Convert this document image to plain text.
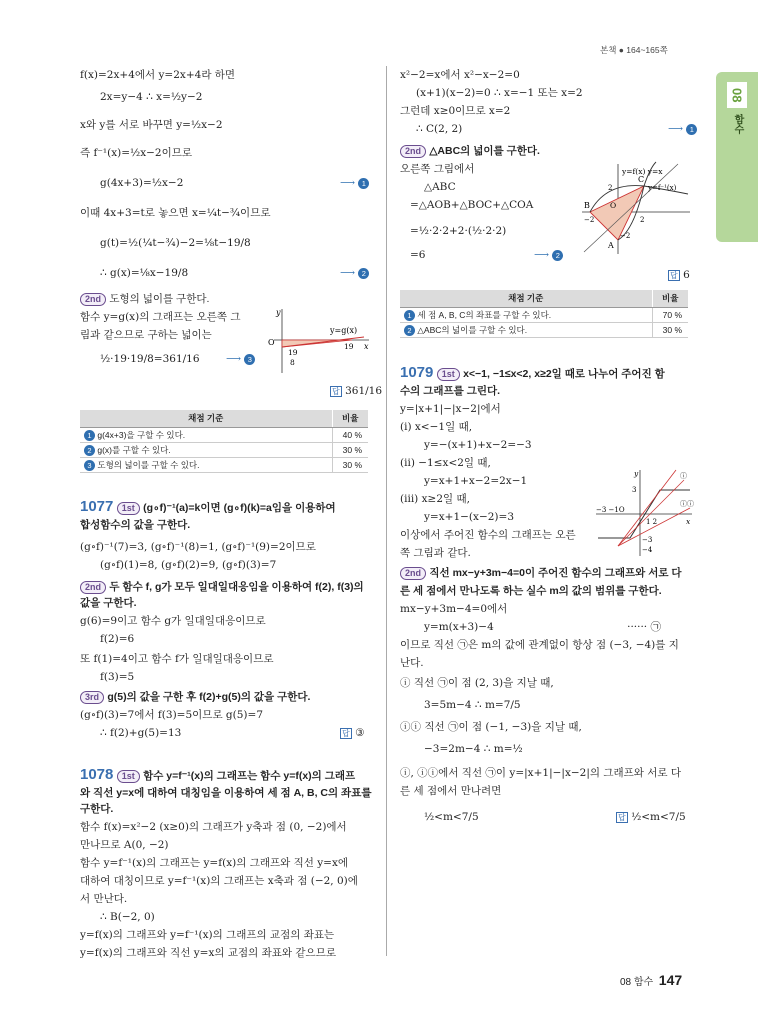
본책 ● 164~165쪽
08
함수
f(x)=2x+4에서 y=2x+4라 하면
2x=y−4 ∴ x=½y−2
x와 y를 서로 바꾸면 y=½x−2
즉 f⁻¹(x)=½x−2이므로
g(4x+3)=½x−2	⟶ 1
이때 4x+3=t로 놓으면 x=¼t−¾이므로
g(t)=½(¼t−¾)−2=⅛t−19/8
∴ g(x)=⅛x−19/8	⟶ 2
2nd 도형의 넓이를 구한다.
함수 y=g(x)의 그래프는 오른쪽 그
림과 같으므로 구하는 넓이는
½·19·19/8=361/16	⟶ 3
O
y
x
y=g(x)
19
19
8
답 361/16
채점 기준	비율
1 g(4x+3)을 구할 수 있다.	40 %
2 g(x)를 구할 수 있다.	30 %
3 도형의 넓이를 구할 수 있다.	30 %
1077 1st (g∘f)⁻¹(a)=k이면 (g∘f)(k)=a임을 이용하여
합성함수의 값을 구한다.
(g∘f)⁻¹(7)=3, (g∘f)⁻¹(8)=1, (g∘f)⁻¹(9)=2이므로
(g∘f)(1)=8, (g∘f)(2)=9, (g∘f)(3)=7
2nd 두 함수 f, g가 모두 일대일대응임을 이용하여 f(2), f(3)의
값을 구한다.
g(6)=9이고 함수 g가 일대일대응이므로
f(2)=6
또 f(1)=4이고 함수 f가 일대일대응이므로
f(3)=5
3rd g(5)의 값을 구한 후 f(2)+g(5)의 값을 구한다.
(g∘f)(3)=7에서 f(3)=5이므로 g(5)=7
∴ f(2)+g(5)=13	답 ③
1078 1st 함수 y=f⁻¹(x)의 그래프는 함수 y=f(x)의 그래프
와 직선 y=x에 대하여 대칭임을 이용하여 세 점 A, B, C의 좌표를
구한다.
함수 f(x)=x²−2 (x≥0)의 그래프가 y축과 점 (0, −2)에서
만나므로 A(0, −2)
함수 y=f⁻¹(x)의 그래프는 y=f(x)의 그래프와 직선 y=x에
대하여 대칭이므로 y=f⁻¹(x)의 그래프는 x축과 점 (−2, 0)에
서 만난다.
∴ B(−2, 0)
y=f(x)의 그래프와 y=f⁻¹(x)의 그래프의 교점의 좌표는
y=f(x)의 그래프와 직선 y=x의 교점의 좌표와 같으므로
x²−2=x에서 x²−x−2=0
(x+1)(x−2)=0 ∴ x=−1 또는 x=2
그런데 x≥0이므로 x=2
∴ C(2, 2)	⟶ 1
2nd △ABC의 넓이를 구한다.
오른쪽 그림에서
△ABC
=△AOB+△BOC+△COA
=½·2·2+2·(½·2·2)
=6	⟶ 2
y=f(x) y=x
y=f⁻¹(x)
B
C
A
O
2
−2	2
−2
답 6
채점 기준	비율
1 세 점 A, B, C의 좌표를 구할 수 있다.	70 %
2 △ABC의 넓이를 구할 수 있다.	30 %
1079 1st x<−1, −1≤x<2, x≥2일 때로 나누어 주어진 함
수의 그래프를 그린다.
y=|x+1|−|x−2|에서
(i) x<−1일 때,
y=−(x+1)+x−2=−3
(ii) −1≤x<2일 때,
y=x+1+x−2=2x−1
(iii) x≥2일 때,
y=x+1−(x−2)=3
이상에서 주어진 함수의 그래프는 오른
쪽 그림과 같다.
y
x
ⓘ
ⓘⓘ
−3 −1O
3
1 2
−3
−4
2nd 직선 mx−y+3m−4=0이 주어진 함수의 그래프와 서로 다
른 세 점에서 만나도록 하는 실수 m의 값의 범위를 구한다.
mx−y+3m−4=0에서
y=m(x+3)−4	······ ㉠
이므로 직선 ㉠은 m의 값에 관계없이 항상 점 (−3, −4)를 지
난다.
ⓘ 직선 ㉠이 점 (2, 3)을 지날 때,
3=5m−4 ∴ m=7/5
ⓘⓘ 직선 ㉠이 점 (−1, −3)을 지날 때,
−3=2m−4 ∴ m=½
ⓘ, ⓘⓘ에서 직선 ㉠이 y=|x+1|−|x−2|의 그래프와 서로 다
른 세 점에서 만나려면
½<m<7/5	답 ½<m<7/5
08 함수 147
